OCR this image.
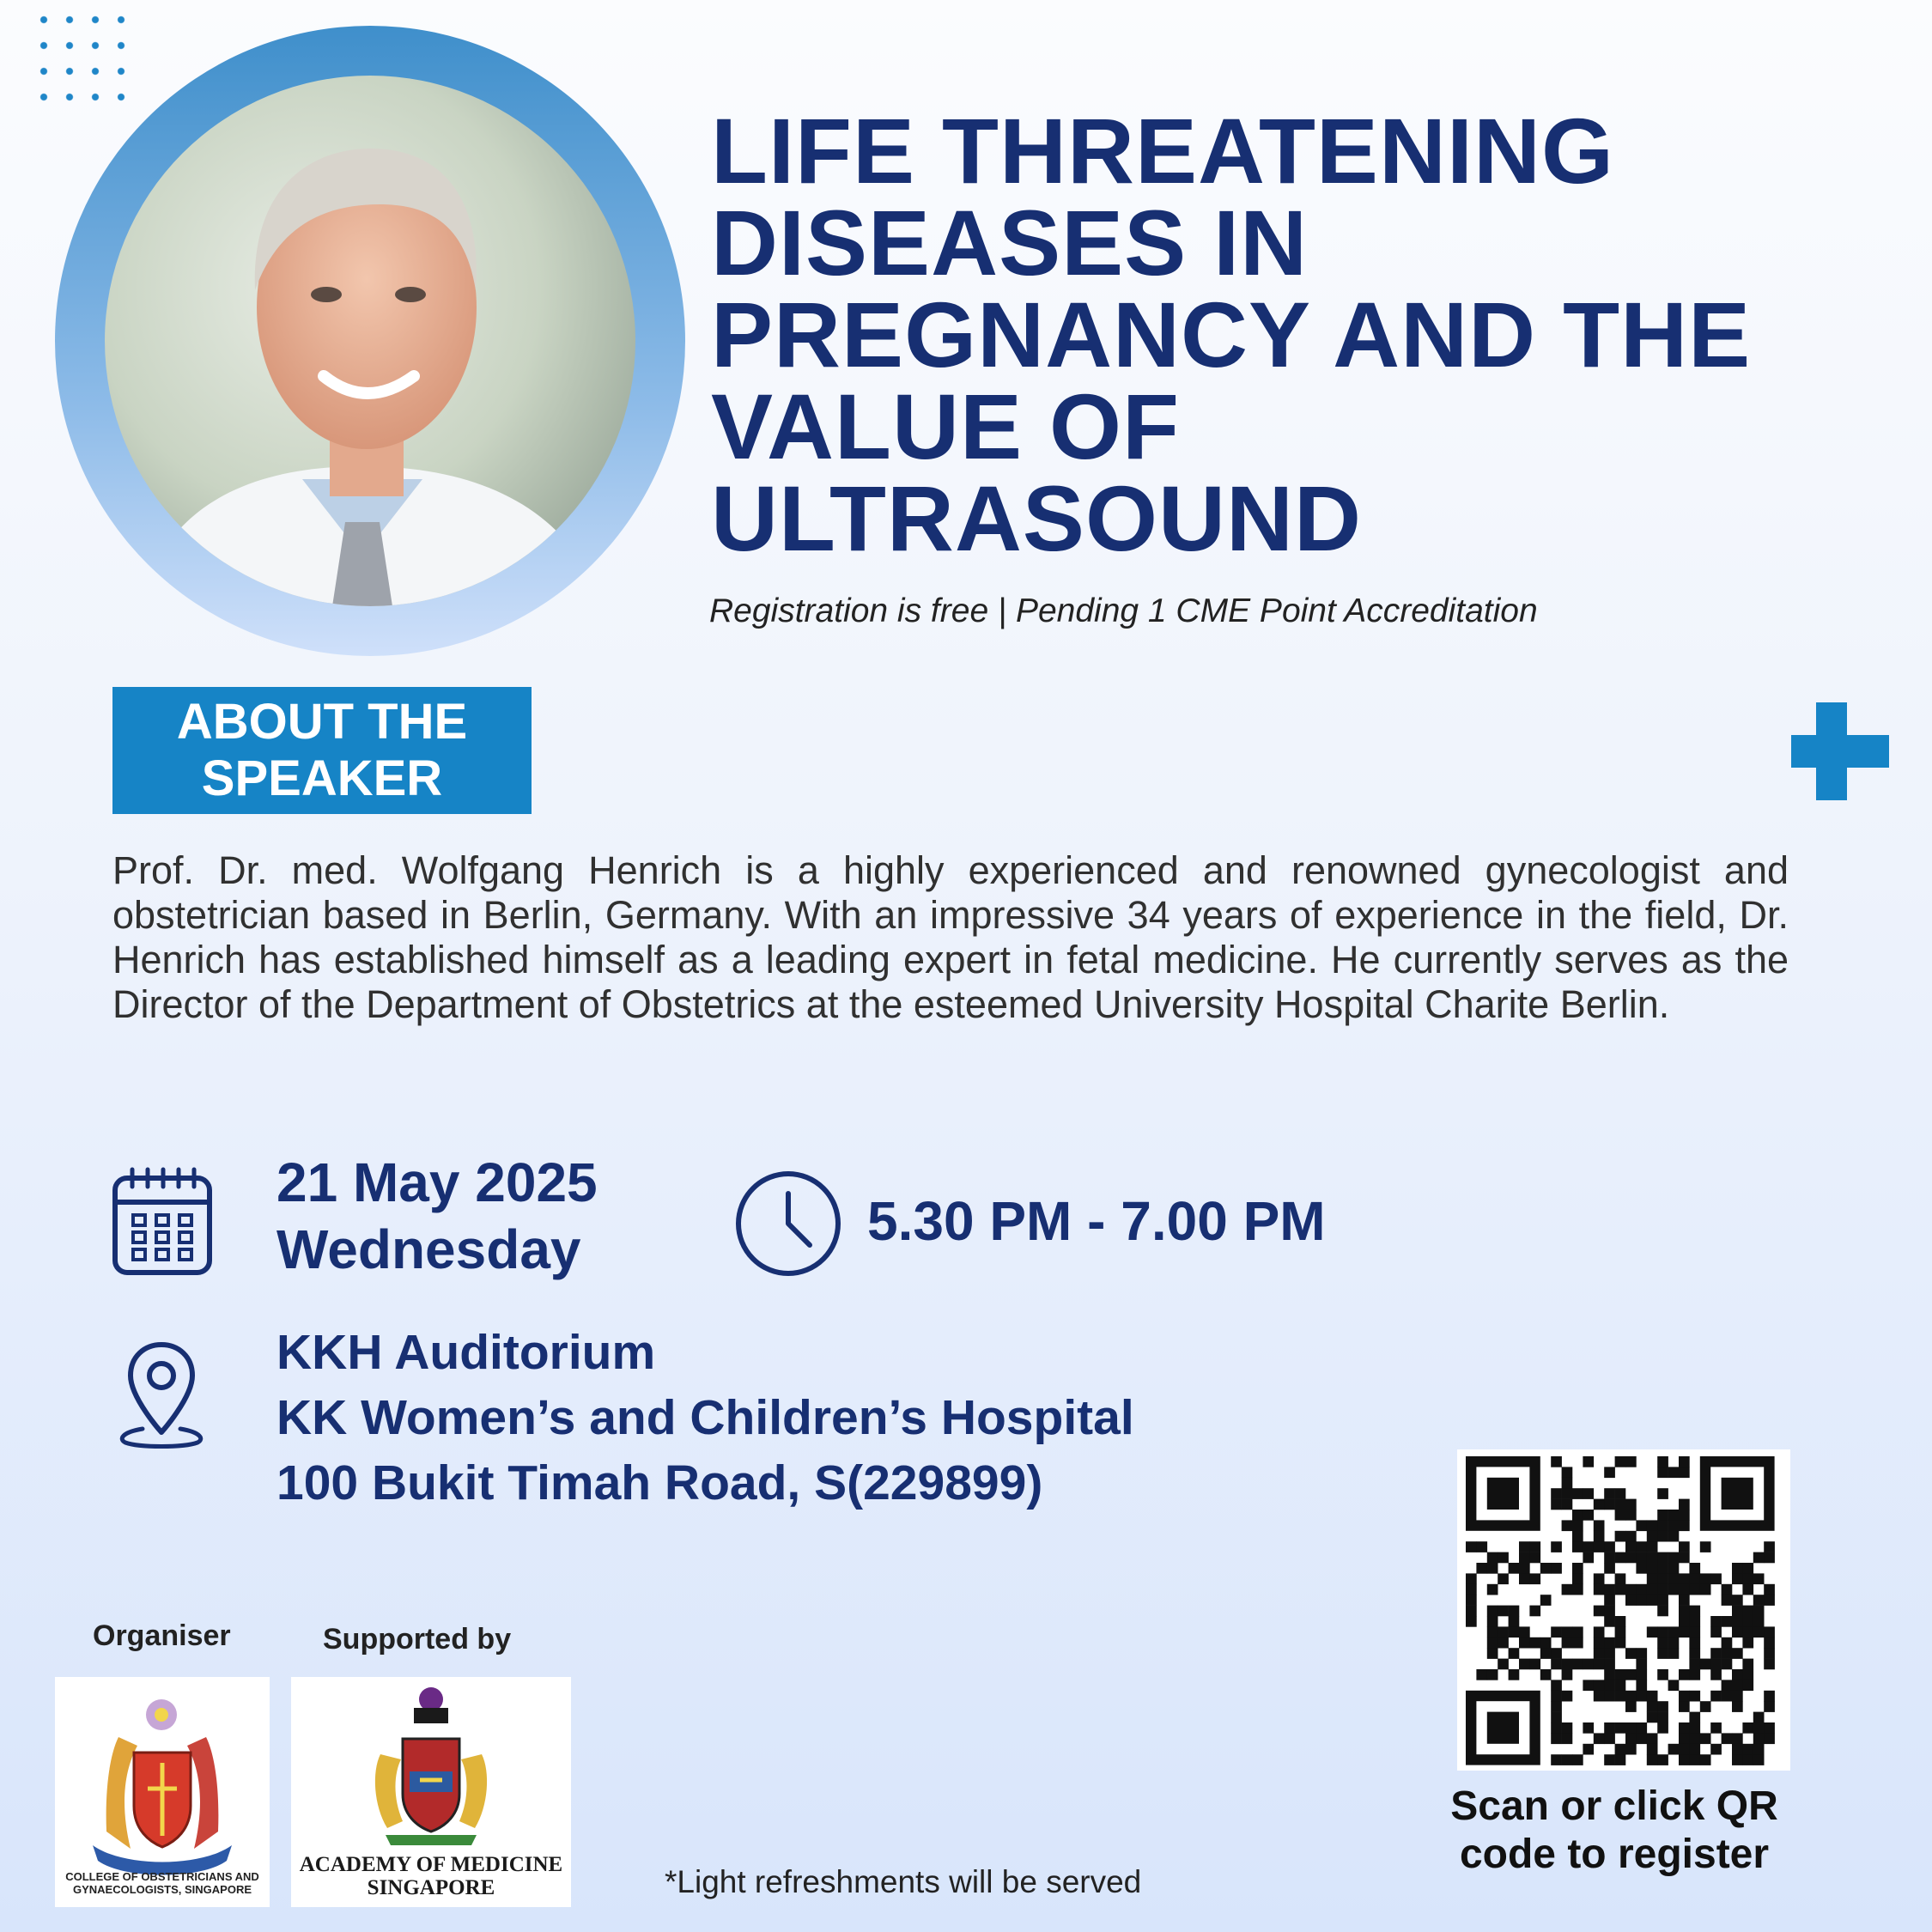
LIFE THREATENING
DISEASES IN
PREGNANCY AND THE
VALUE OF
ULTRASOUND
Registration is free | Pending 1 CME Point Accreditation
ABOUT THE
SPEAKER

Prof. Dr. med. Wolfgang Henrich is a highly experienced and renowned gynecologist and obstetrician based in Berlin, Germany. With an impressive 34 years of experience in the field, Dr. Henrich has established himself as a leading expert in fetal medicine. He currently serves as the Director of the Department of Obstetrics at the esteemed University Hospital Charite Berlin.

21 May 2025
Wednesday	5.30 PM - 7.00 PM
KKH Auditorium
KK Women’s and Children’s Hospital
100 Bukit Timah Road, S(229899)
Organiser	Supported by
COLLEGE OF OBSTETRICIANS AND GYNAECOLOGISTS, SINGAPORE
ACADEMY OF MEDICINE
SINGAPORE	*Light refreshments will be served
Scan or click QR
code to register
